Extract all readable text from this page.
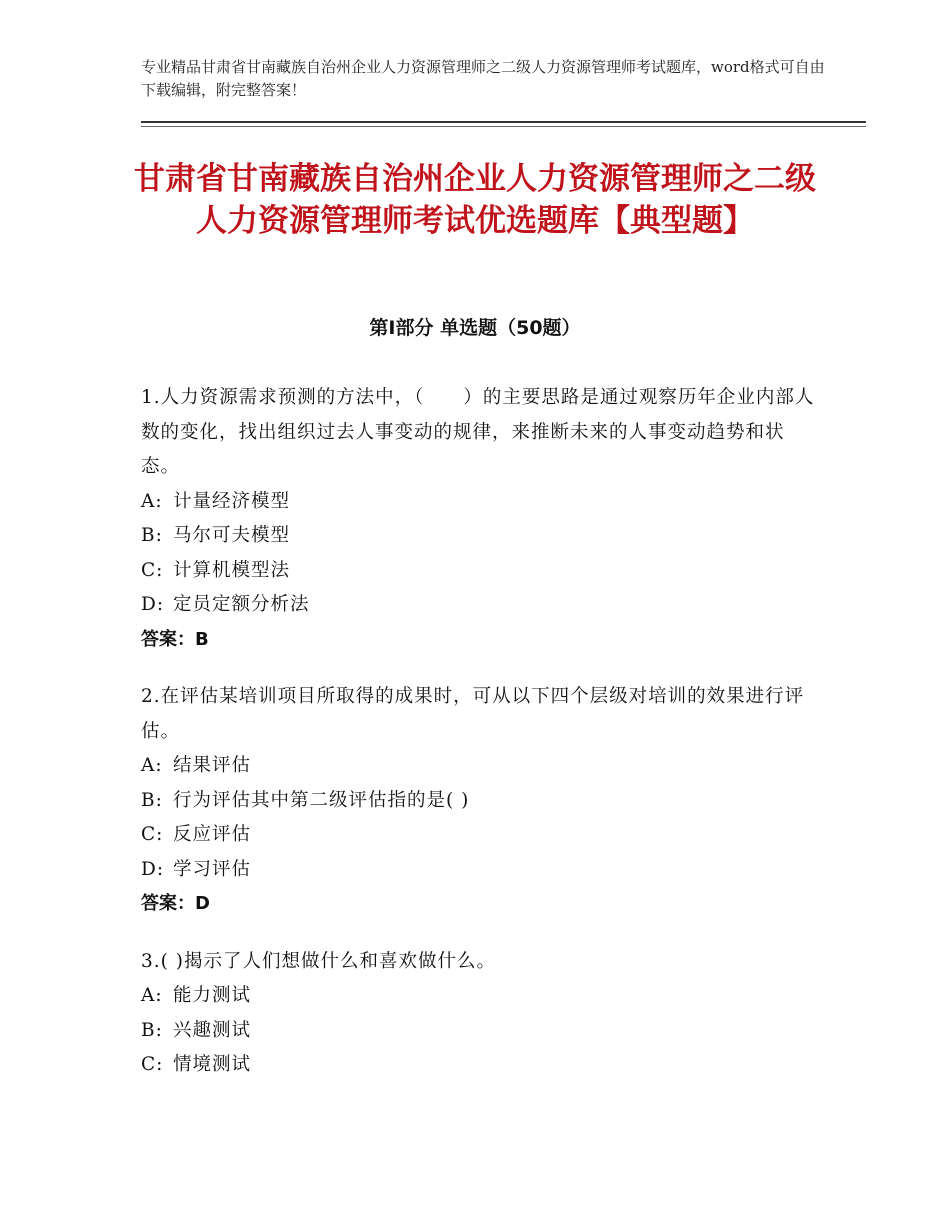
专业精品甘肃省甘南藏族自治州企业人力资源管理师之二级人力资源管理师考试题库，word格式可自由下载编辑，附完整答案！
甘肃省甘南藏族自治州企业人力资源管理师之二级人力资源管理师考试优选题库【典型题】
第Ⅰ部分 单选题（50题）

1.人力资源需求预测的方法中，（　　）的主要思路是通过观察历年企业内部人数的变化，找出组织过去人事变动的规律，来推断未来的人事变动趋势和状态。

A: 计量经济模型

B: 马尔可夫模型

C: 计算机模型法

D: 定员定额分析法

答案：B

2.在评估某培训项目所取得的成果时，可从以下四个层级对培训的效果进行评估。

A: 结果评估

B: 行为评估其中第二级评估指的是( )

C: 反应评估

D: 学习评估

答案：D

3.( )揭示了人们想做什么和喜欢做什么。

A: 能力测试

B: 兴趣测试

C: 情境测试
